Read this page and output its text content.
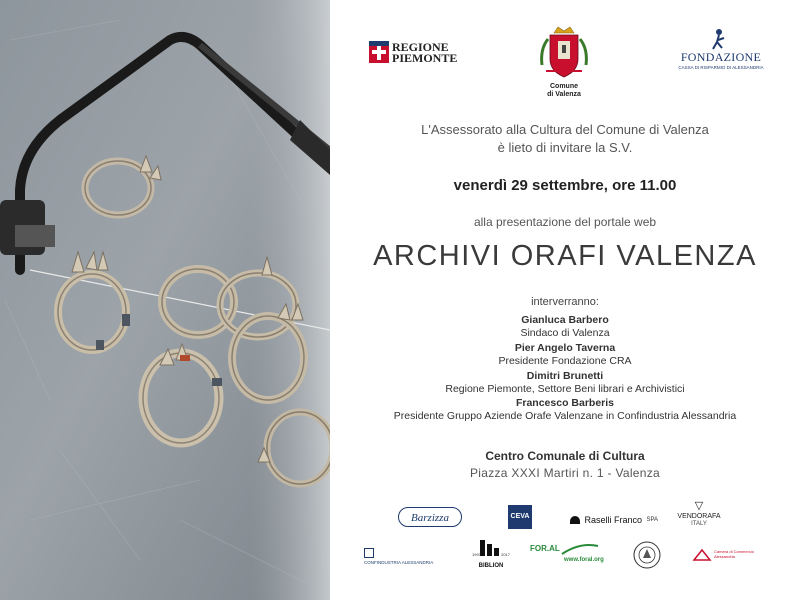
REGIONE
PIEMONTE
Comune
di Valenza
FONDAZIONE
CASSA DI RISPARMIO DI ALESSANDRIA
L'Assessorato alla Cultura del Comune di Valenza
è lieto di invitare la S.V.
venerdì 29 settembre, ore 11.00
alla presentazione del portale web
ARCHIVI ORAFI VALENZA
interverranno:
Gianluca Barbero
Sindaco di Valenza
Pier Angelo Taverna
Presidente Fondazione CRA
Dimitri Brunetti
Regione Piemonte, Settore Beni librari e Archivistici
Francesco Barberis
Presidente Gruppo Aziende Orafe Valenzane in Confindustria Alessandria
Centro Comunale di Cultura
Piazza XXXI Martiri n. 1 - Valenza
Barzizza	CEVA	Raselli Franco SPA
▽
VENDORAFA
ITALY
CONFINDUSTRIA ALESSANDRIA
1997	2017
BIBLION
FOR.AL
www.foral.org
Camera di Commercio Alessandria
